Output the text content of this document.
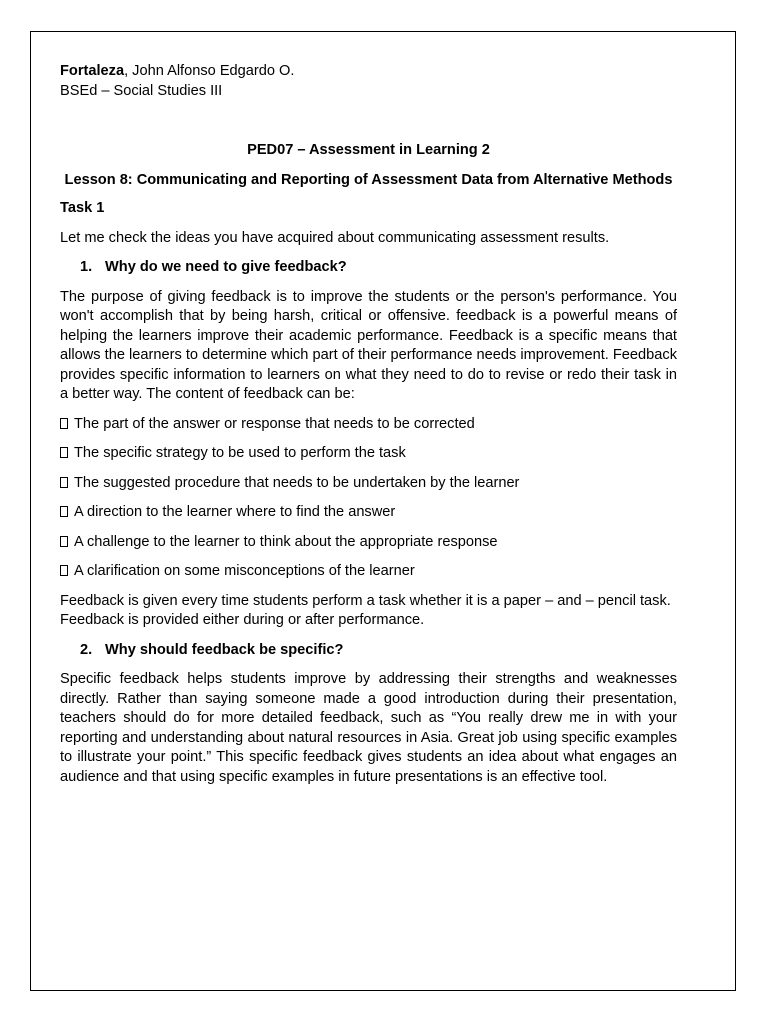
Fortaleza, John Alfonso Edgardo O.

BSEd – Social Studies III

PED07 – Assessment in Learning 2

Lesson 8: Communicating and Reporting of Assessment Data from Alternative Methods

Task 1

Let me check the ideas you have acquired about communicating assessment results.

1. Why do we need to give feedback?

The purpose of giving feedback is to improve the students or the person's performance. You won't accomplish that by being harsh, critical or offensive. feedback is a powerful means of helping the learners improve their academic performance. Feedback is a specific means that allows the learners to determine which part of their performance needs improvement. Feedback provides specific information to learners on what they need to do to revise or redo their task in a better way. The content of feedback can be:

The part of the answer or response that needs to be corrected

The specific strategy to be used to perform the task

The suggested procedure that needs to be undertaken by the learner

A direction to the learner where to find the answer

A challenge to the learner to think about the appropriate response

A clarification on some misconceptions of the learner

Feedback is given every time students perform a task whether it is a paper – and – pencil task. Feedback is provided either during or after performance.

2. Why should feedback be specific?

Specific feedback helps students improve by addressing their strengths and weaknesses directly. Rather than saying someone made a good introduction during their presentation, teachers should do for more detailed feedback, such as “You really drew me in with your reporting and understanding about natural resources in Asia. Great job using specific examples to illustrate your point.” This specific feedback gives students an idea about what engages an audience and that using specific examples in future presentations is an effective tool.
